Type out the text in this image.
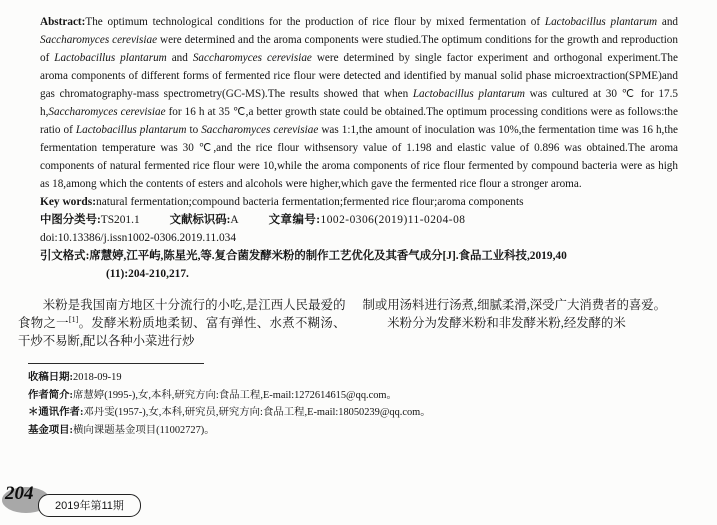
Abstract:The optimum technological conditions for the production of rice flour by mixed fermentation of Lactobacillus plantarum and Saccharomyces cerevisiae were determined and the aroma components were studied.The optimum conditions for the growth and reproduction of Lactobacillus plantarum and Saccharomyces cerevisiae were determined by single factor experiment and orthogonal experiment.The aroma components of different forms of fermented rice flour were detected and identified by manual solid phase microextraction(SPME)and gas chromatography-mass spectrometry(GC-MS).The results showed that when Lactobacillus plantarum was cultured at 30 ℃ for 17.5 h,Saccharomyces cerevisiae for 16 h at 35 ℃,a better growth state could be obtained.The optimum processing conditions were as follows:the ratio of Lactobacillus plantarum to Saccharomyces cerevisiae was 1:1,the amount of inoculation was 10%,the fermentation time was 16 h,the fermentation temperature was 30 ℃,and the rice flour withsensory value of 1.198 and elastic value of 0.896 was obtained.The aroma components of natural fermented rice flour were 10,while the aroma components of rice flour fermented by compound bacteria were as high as 18,among which the contents of esters and alcohols were higher,which gave the fermented rice flour a stronger aroma.

Key words:natural fermentation;compound bacteria fermentation;fermented rice flour;aroma components

中图分类号:TS201.1	文献标识码:A	文章编号:1002-0306(2019)11-0204-08

doi:10.13386/j.issn1002-0306.2019.11.034

引文格式:席慧婷,江平屿,陈星光,等.复合菌发酵米粉的制作工艺优化及其香气成分[J].食品工业科技,2019,40
(11):204-210,217.

米粉是我国南方地区十分流行的小吃,是江西人民最爱的食物之一[1]。发酵米粉质地柔韧、富有弹性、水煮不糊汤、干炒不易断,配以各种小菜进行炒

制或用汤料进行汤煮,细腻柔滑,深受广大消费者的喜爱。

米粉分为发酵米粉和非发酵米粉,经发酵的米

收稿日期:2018-09-19

作者简介:席慧婷(1995-),女,本科,研究方向:食品工程,E-mail:1272614615@qq.com。

＊通讯作者:邓丹雯(1957-),女,本科,研究员,研究方向:食品工程,E-mail:18050239@qq.com。

基金项目:横向课题基金项目(11002727)。

204
2019年第11期
